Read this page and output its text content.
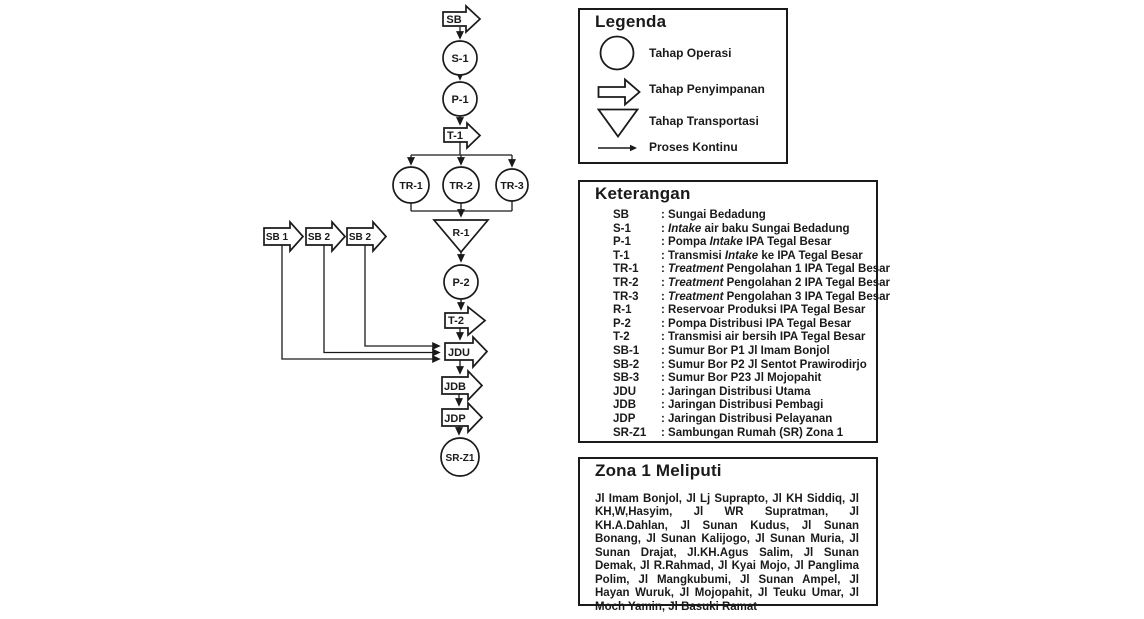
SB
S-1
P-1
T-1
TR-1	TR-2	TR-3
R-1
P-2
T-2
SB 1 SB 2 SB 2
JDU
JDB
JDP
SR-Z1
Legenda
Tahap Operasi
Tahap Penyimpanan
Tahap Transportasi
Proses Kontinu
Keterangan
SB	: Sungai Bedadung
S-1	: Intake air baku Sungai Bedadung
P-1	: Pompa Intake IPA Tegal Besar
T-1	: Transmisi Intake ke IPA Tegal Besar
TR-1	: Treatment Pengolahan 1 IPA Tegal Besar
TR-2	: Treatment Pengolahan 2 IPA Tegal Besar
TR-3	: Treatment Pengolahan 3 IPA Tegal Besar
R-1	: Reservoar Produksi IPA Tegal Besar
P-2	: Pompa Distribusi IPA Tegal Besar
T-2	: Transmisi air bersih IPA Tegal Besar
SB-1	: Sumur Bor P1 Jl Imam Bonjol
SB-2	: Sumur Bor P2 Jl Sentot Prawirodirjo
SB-3	: Sumur Bor P23 Jl Mojopahit
JDU	: Jaringan Distribusi Utama
JDB	: Jaringan Distribusi Pembagi
JDP	: Jaringan Distribusi Pelayanan
SR-Z1	: Sambungan Rumah (SR) Zona 1
Zona 1 Meliputi

Jl Imam Bonjol, Jl Lj Suprapto, Jl KH Siddiq, Jl KH,W,Hasyim, Jl WR Supratman, Jl KH.A.Dahlan, Jl Sunan Kudus, Jl Sunan Bonang, Jl Sunan Kalijogo, Jl Sunan Muria, Jl Sunan Drajat, Jl.KH.Agus Salim, Jl Sunan Demak, Jl R.Rahmad, Jl Kyai Mojo, Jl Panglima Polim, Jl Mangkubumi, Jl Sunan Ampel, Jl Hayan Wuruk, Jl Mojopahit, Jl Teuku Umar, Jl Moch Yamin, Jl Basuki Ramat
